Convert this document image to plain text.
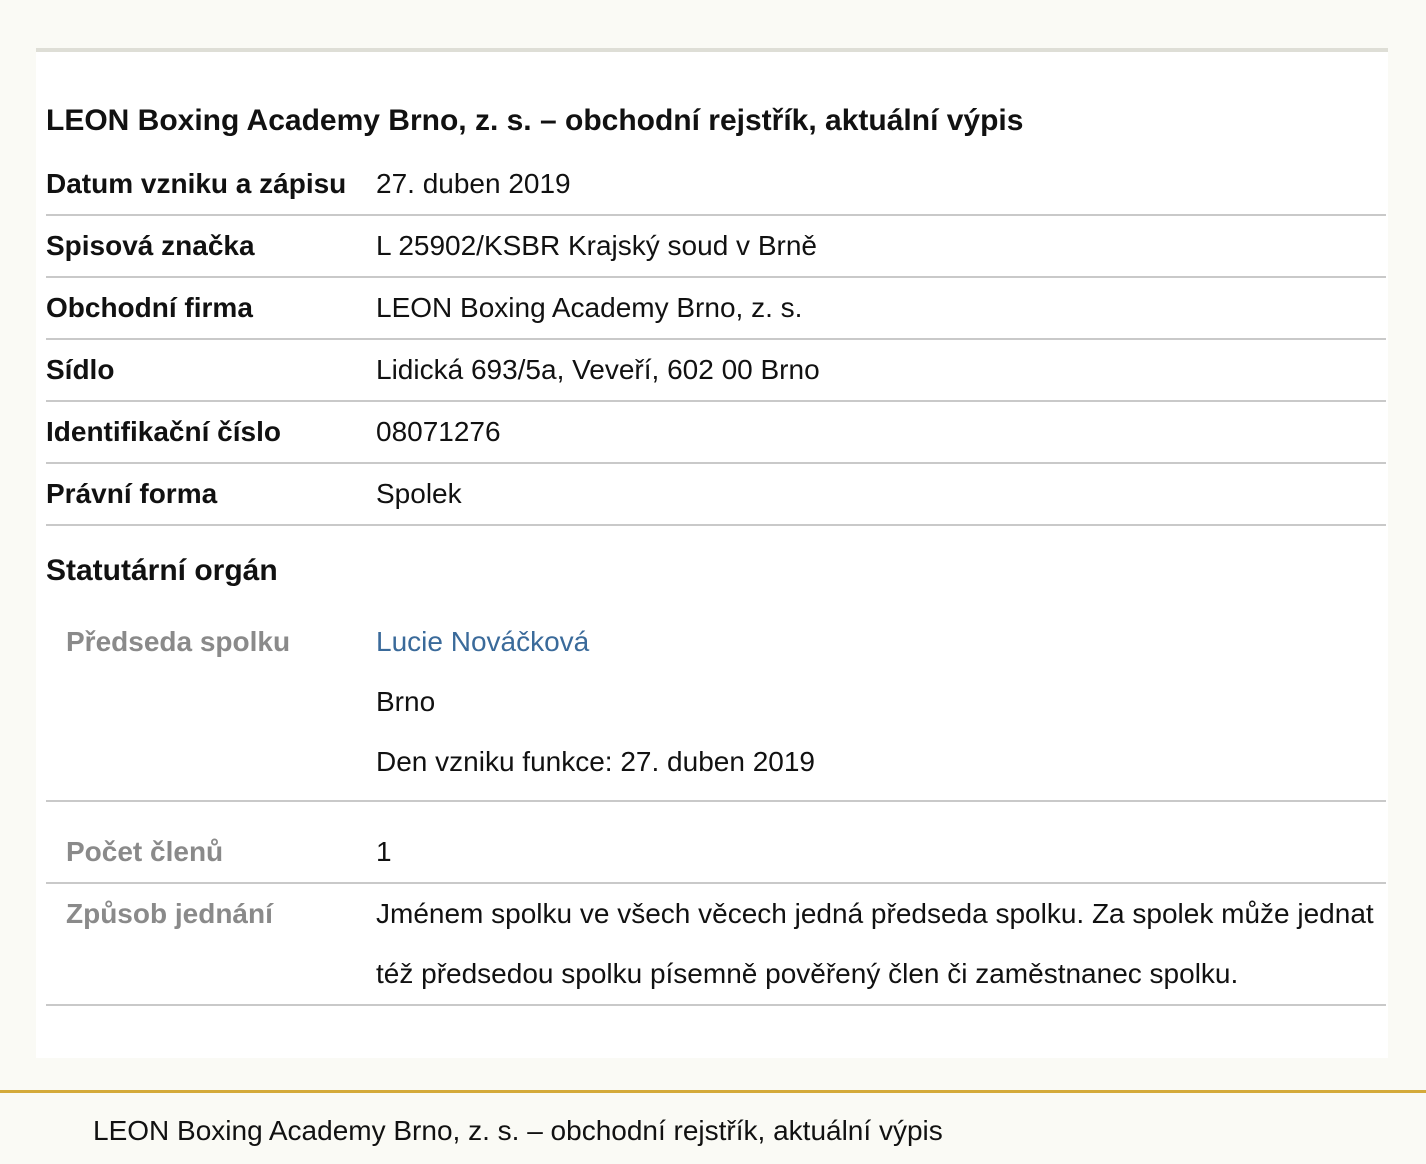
LEON Boxing Academy Brno, z. s. – obchodní rejstřík, aktuální výpis
Datum vzniku a zápisu	27. duben 2019
Spisová značka	L 25902/KSBR Krajský soud v Brně
Obchodní firma	LEON Boxing Academy Brno, z. s.
Sídlo	Lidická 693/5a, Veveří, 602 00 Brno
Identifikační číslo	08071276
Právní forma	Spolek
Statutární orgán	
Předseda spolku	Lucie Nováčková
Brno
Den vzniku funkce: 27. duben 2019

Počet členů	1
Způsob jednání	Jménem spolku ve všech věcech jedná předseda spolku. Za spolek může jednat též předsedou spolku písemně pověřený člen či zaměstnanec spolku.
LEON Boxing Academy Brno, z. s. – obchodní rejstřík, aktuální výpis
